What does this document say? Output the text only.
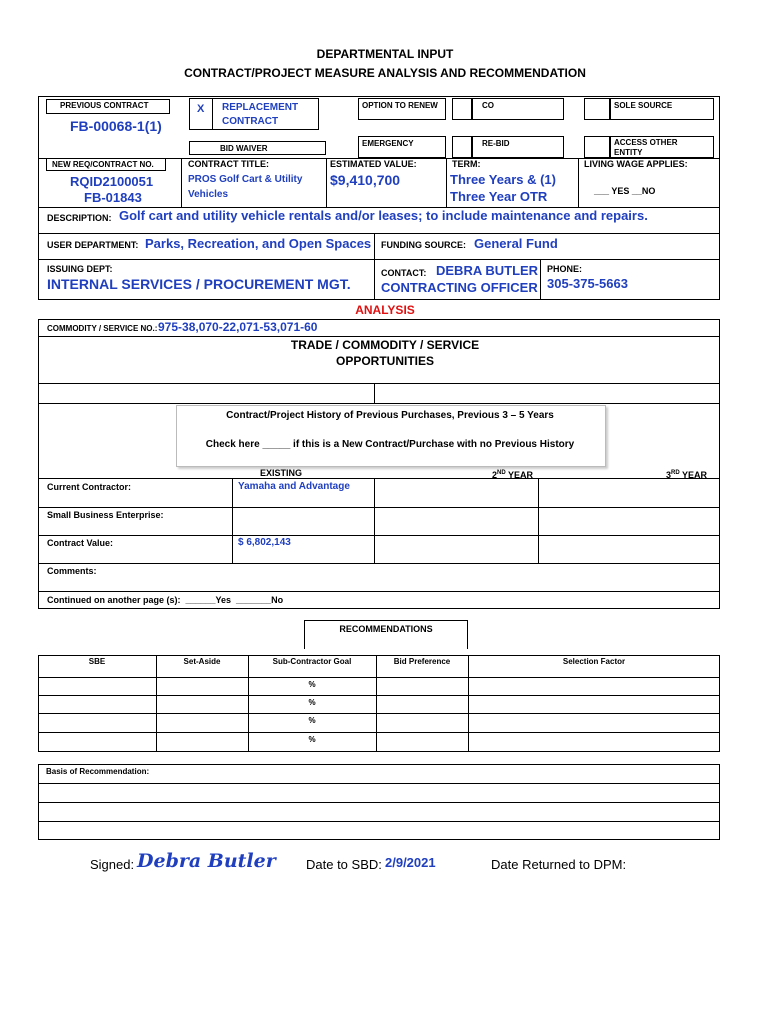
DEPARTMENTAL INPUT
CONTRACT/PROJECT MEASURE ANALYSIS AND RECOMMENDATION
PREVIOUS CONTRACT
FB-00068-1(1)
X REPLACEMENT CONTRACT
BID WAIVER
OPTION TO RENEW	CO	SOLE SOURCE
EMERGENCY	RE-BID	ACCESS OTHER ENTITY
NEW REQ/CONTRACT NO.
RQID2100051
FB-01843
CONTRACT TITLE:
PROS Golf Cart & Utility Vehicles
ESTIMATED VALUE:
$9,410,700
TERM:
Three Years & (1)
Three Year OTR
LIVING WAGE APPLIES:
___ YES __NO
DESCRIPTION: Golf cart and utility vehicle rentals and/or leases; to include maintenance and repairs.
USER DEPARTMENT: Parks, Recreation, and Open Spaces FUNDING SOURCE: General Fund
ISSUING DEPT:
INTERNAL SERVICES / PROCUREMENT MGT.
CONTACT: DEBRA BUTLER
CONTRACTING OFFICER
PHONE:
305-375-5663
ANALYSIS
COMMODITY / SERVICE NO.: 975-38,070-22,071-53,071-60
TRADE / COMMODITY / SERVICE
OPPORTUNITIES
Contract/Project History of Previous Purchases, Previous 3 – 5 Years
Check here _____ if this is a New Contract/Purchase with no Previous History
EXISTING	2ND YEAR	3RD YEAR
Current Contractor:	Yamaha and Advantage
Small Business Enterprise:
Contract Value:	$ 6,802,143
Comments:
Continued on another page (s):  ______Yes  _______No
RECOMMENDATIONS
SBE	Set-Aside	Sub-Contractor Goal	Bid Preference	Selection Factor
%
%
%
%
Basis of Recommendation:
Signed: Debra Butler Date to SBD: 2/9/2021	Date Returned to DPM:
